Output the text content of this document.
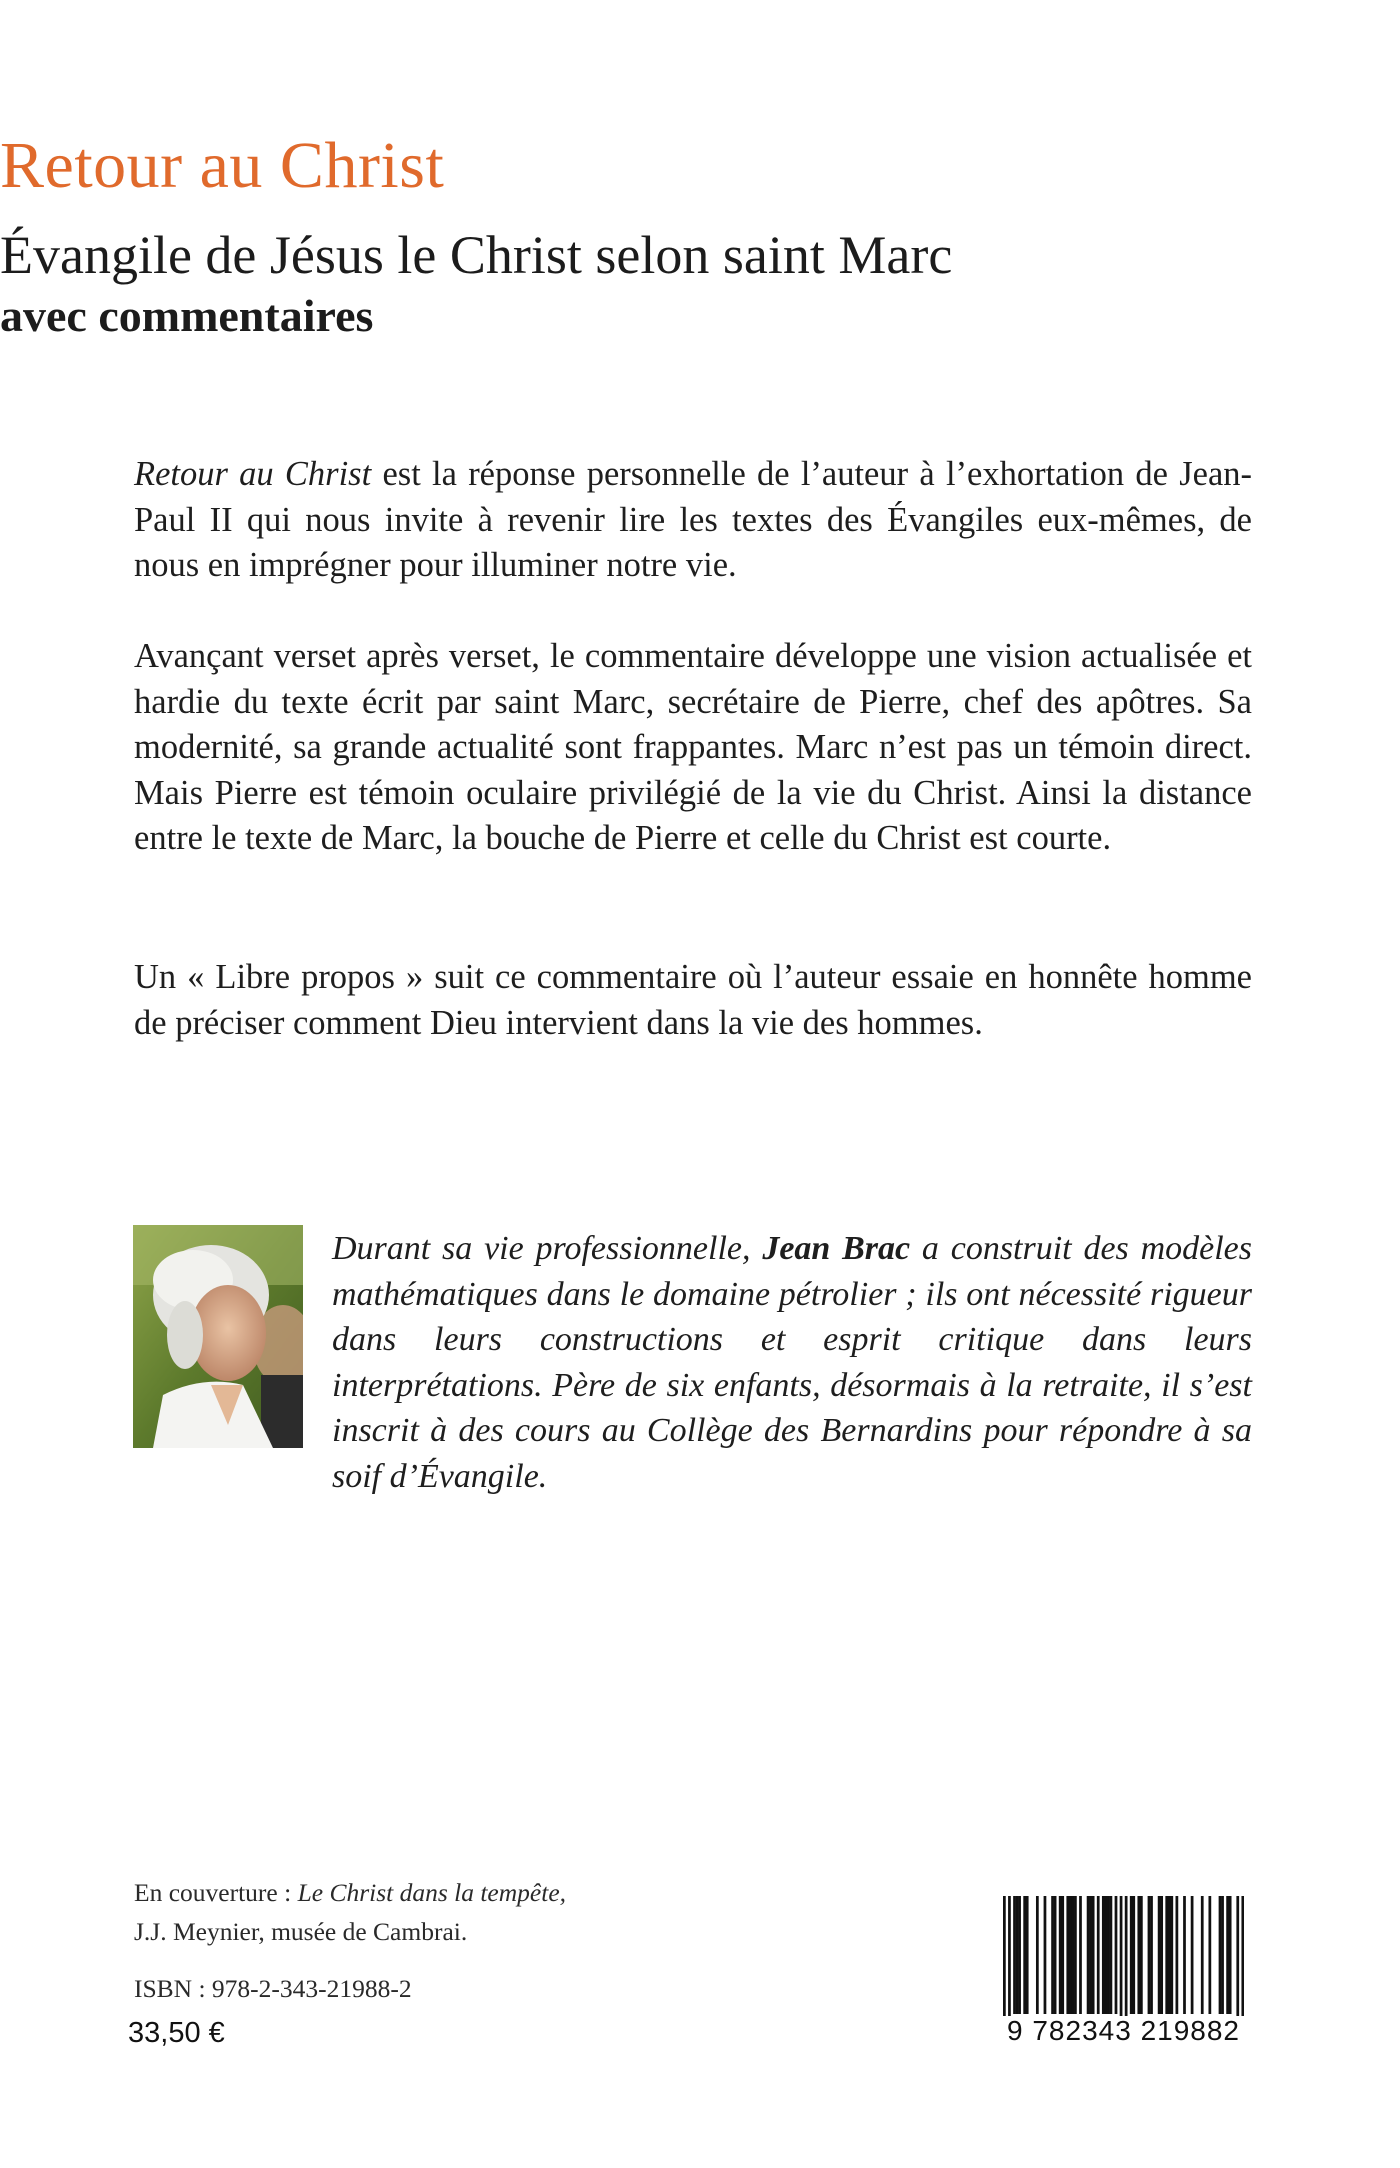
Retour au Christ
Évangile de Jésus le Christ selon saint Marc
avec commentaires
Retour au Christ est la réponse personnelle de l’auteur à l’exhortation de Jean-Paul II qui nous invite à revenir lire les textes des Évangiles eux-mêmes, de nous en imprégner pour illuminer notre vie.
Avançant verset après verset, le commentaire développe une vision actualisée et hardie du texte écrit par saint Marc, secrétaire de Pierre, chef des apôtres. Sa modernité, sa grande actualité sont frappantes. Marc n’est pas un témoin direct. Mais Pierre est témoin oculaire privilégié de la vie du Christ. Ainsi la distance entre le texte de Marc, la bouche de Pierre et celle du Christ est courte.
Un « Libre propos » suit ce commentaire où l’auteur essaie en honnête homme de préciser comment Dieu intervient dans la vie des hommes.
Durant sa vie professionnelle, Jean Brac a construit des modèles mathématiques dans le domaine pétrolier ; ils ont nécessité rigueur dans leurs constructions et esprit critique dans leurs interprétations. Père de six enfants, désormais à la retraite, il s’est inscrit à des cours au Collège des Bernardins pour répondre à sa soif d’Évangile.
En couverture : Le Christ dans la tempête,
J.J. Meynier, musée de Cambrai.
ISBN : 978-2-343-21988-2
33,50 €	9 782343 219882
